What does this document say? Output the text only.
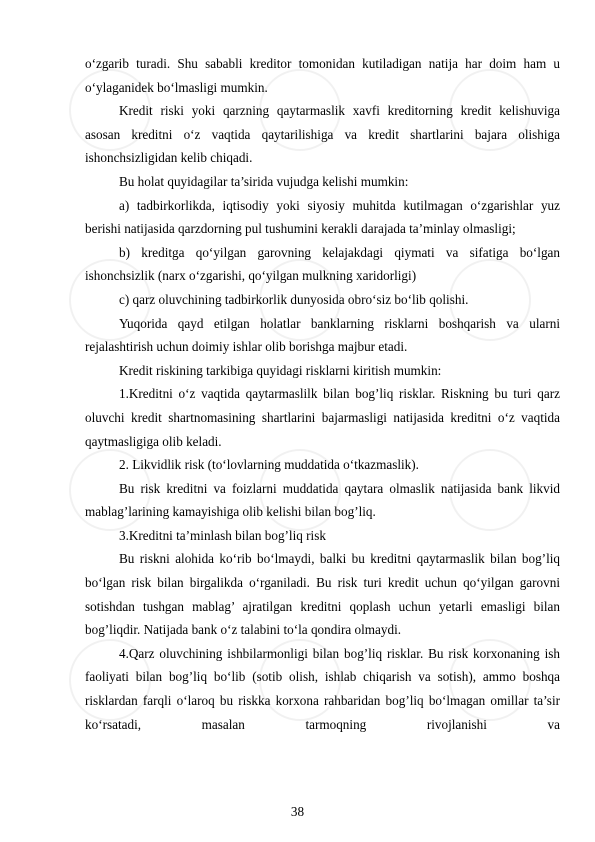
o‘zgarib turadi. Shu sababli kreditor tomonidan kutiladigan natija har doim ham u o‘ylaganidek bo‘lmasligi mumkin.

Kredit riski yoki qarzning qaytarmaslik xavfi kreditorning kredit kelishuviga asosan kreditni o‘z vaqtida qaytarilishiga va kredit shartlarini bajara olishiga ishonchsizligidan kelib chiqadi.

Bu holat quyidagilar ta’sirida vujudga kelishi mumkin:

a) tadbirkorlikda, iqtisodiy yoki siyosiy muhitda kutilmagan o‘zgarishlar yuz berishi natijasida qarzdorning pul tushumini kerakli darajada ta’minlay olmasligi;

b) kreditga qo‘yilgan garovning kelajakdagi qiymati va sifatiga bo‘lgan ishonchsizlik (narx o‘zgarishi, qo‘yilgan mulkning xaridorligi)

c) qarz oluvchining tadbirkorlik dunyosida obro‘siz bo‘lib qolishi.

Yuqorida qayd etilgan holatlar banklarning risklarni boshqarish va ularni rejalashtirish uchun doimiy ishlar olib borishga majbur etadi.

Kredit riskining tarkibiga quyidagi risklarni kiritish mumkin:

1.Kreditni o‘z vaqtida qaytarmaslilk bilan bog’liq risklar. Riskning bu turi qarz oluvchi kredit shartnomasining shartlarini bajarmasligi natijasida kreditni o‘z vaqtida qaytmasligiga olib keladi.

2. Likvidlik risk (to‘lovlarning muddatida o‘tkazmaslik).

Bu risk kreditni va foizlarni muddatida qaytara olmaslik natijasida bank likvid mablag’larining kamayishiga olib kelishi bilan bog’liq.

3.Kreditni ta’minlash bilan bog’liq risk

Bu riskni alohida ko‘rib bo‘lmaydi, balki bu kreditni qaytarmaslik bilan bog’liq bo‘lgan risk bilan birgalikda o‘rganiladi. Bu risk turi kredit uchun qo‘yilgan garovni sotishdan tushgan mablag’ ajratilgan kreditni qoplash uchun yetarli emasligi bilan bog’liqdir. Natijada bank o‘z talabini to‘la qondira olmaydi.

4.Qarz oluvchining ishbilarmonligi bilan bog’liq risklar. Bu risk korxonaning ish faoliyati bilan bog’liq bo‘lib (sotib olish, ishlab chiqarish va sotish), ammo boshqa risklardan farqli o‘laroq bu riskka korxona rahbaridan bog’liq bo‘lmagan omillar ta’sir ko‘rsatadi, masalan tarmoqning rivojlanishi va

38
